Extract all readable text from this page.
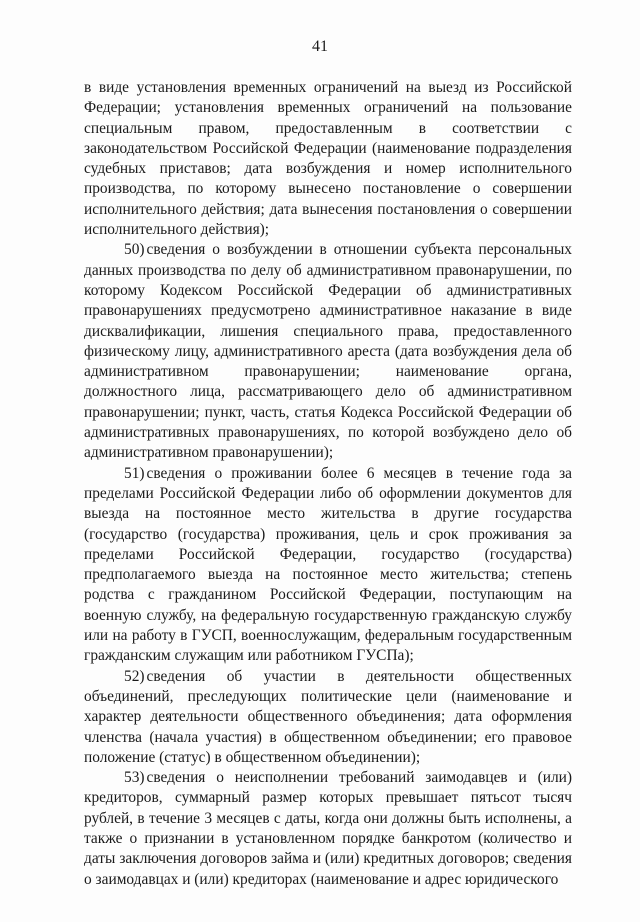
41

в виде установления временных ограничений на выезд из Российской Федерации; установления временных ограничений на пользование специальным правом, предоставленным в соответствии с законодательством Российской Федерации (наименование подразделения судебных приставов; дата возбуждения и номер исполнительного производства, по которому вынесено постановление о совершении исполнительного действия; дата вынесения постановления о совершении исполнительного действия);

50) сведения о возбуждении в отношении субъекта персональных данных производства по делу об административном правонарушении, по которому Кодексом Российской Федерации об административных правонарушениях предусмотрено административное наказание в виде дисквалификации, лишения специального права, предоставленного физическому лицу, административного ареста (дата возбуждения дела об административном правонарушении; наименование органа, должностного лица, рассматривающего дело об административном правонарушении; пункт, часть, статья Кодекса Российской Федерации об административных правонарушениях, по которой возбуждено дело об административном правонарушении);

51) сведения о проживании более 6 месяцев в течение года за пределами Российской Федерации либо об оформлении документов для выезда на постоянное место жительства в другие государства (государство (государства) проживания, цель и срок проживания за пределами Российской Федерации, государство (государства) предполагаемого выезда на постоянное место жительства; степень родства с гражданином Российской Федерации, поступающим на военную службу, на федеральную государственную гражданскую службу или на работу в ГУСП, военнослужащим, федеральным государственным гражданским служащим или работником ГУСПа);

52) сведения об участии в деятельности общественных объединений, преследующих политические цели (наименование и характер деятельности общественного объединения; дата оформления членства (начала участия) в общественном объединении; его правовое положение (статус) в общественном объединении);

53) сведения о неисполнении требований заимодавцев и (или) кредиторов, суммарный размер которых превышает пятьсот тысяч рублей, в течение 3 месяцев с даты, когда они должны быть исполнены, а также о признании в установленном порядке банкротом (количество и даты заключения договоров займа и (или) кредитных договоров; сведения о заимодавцах и (или) кредиторах (наименование и адрес юридического
